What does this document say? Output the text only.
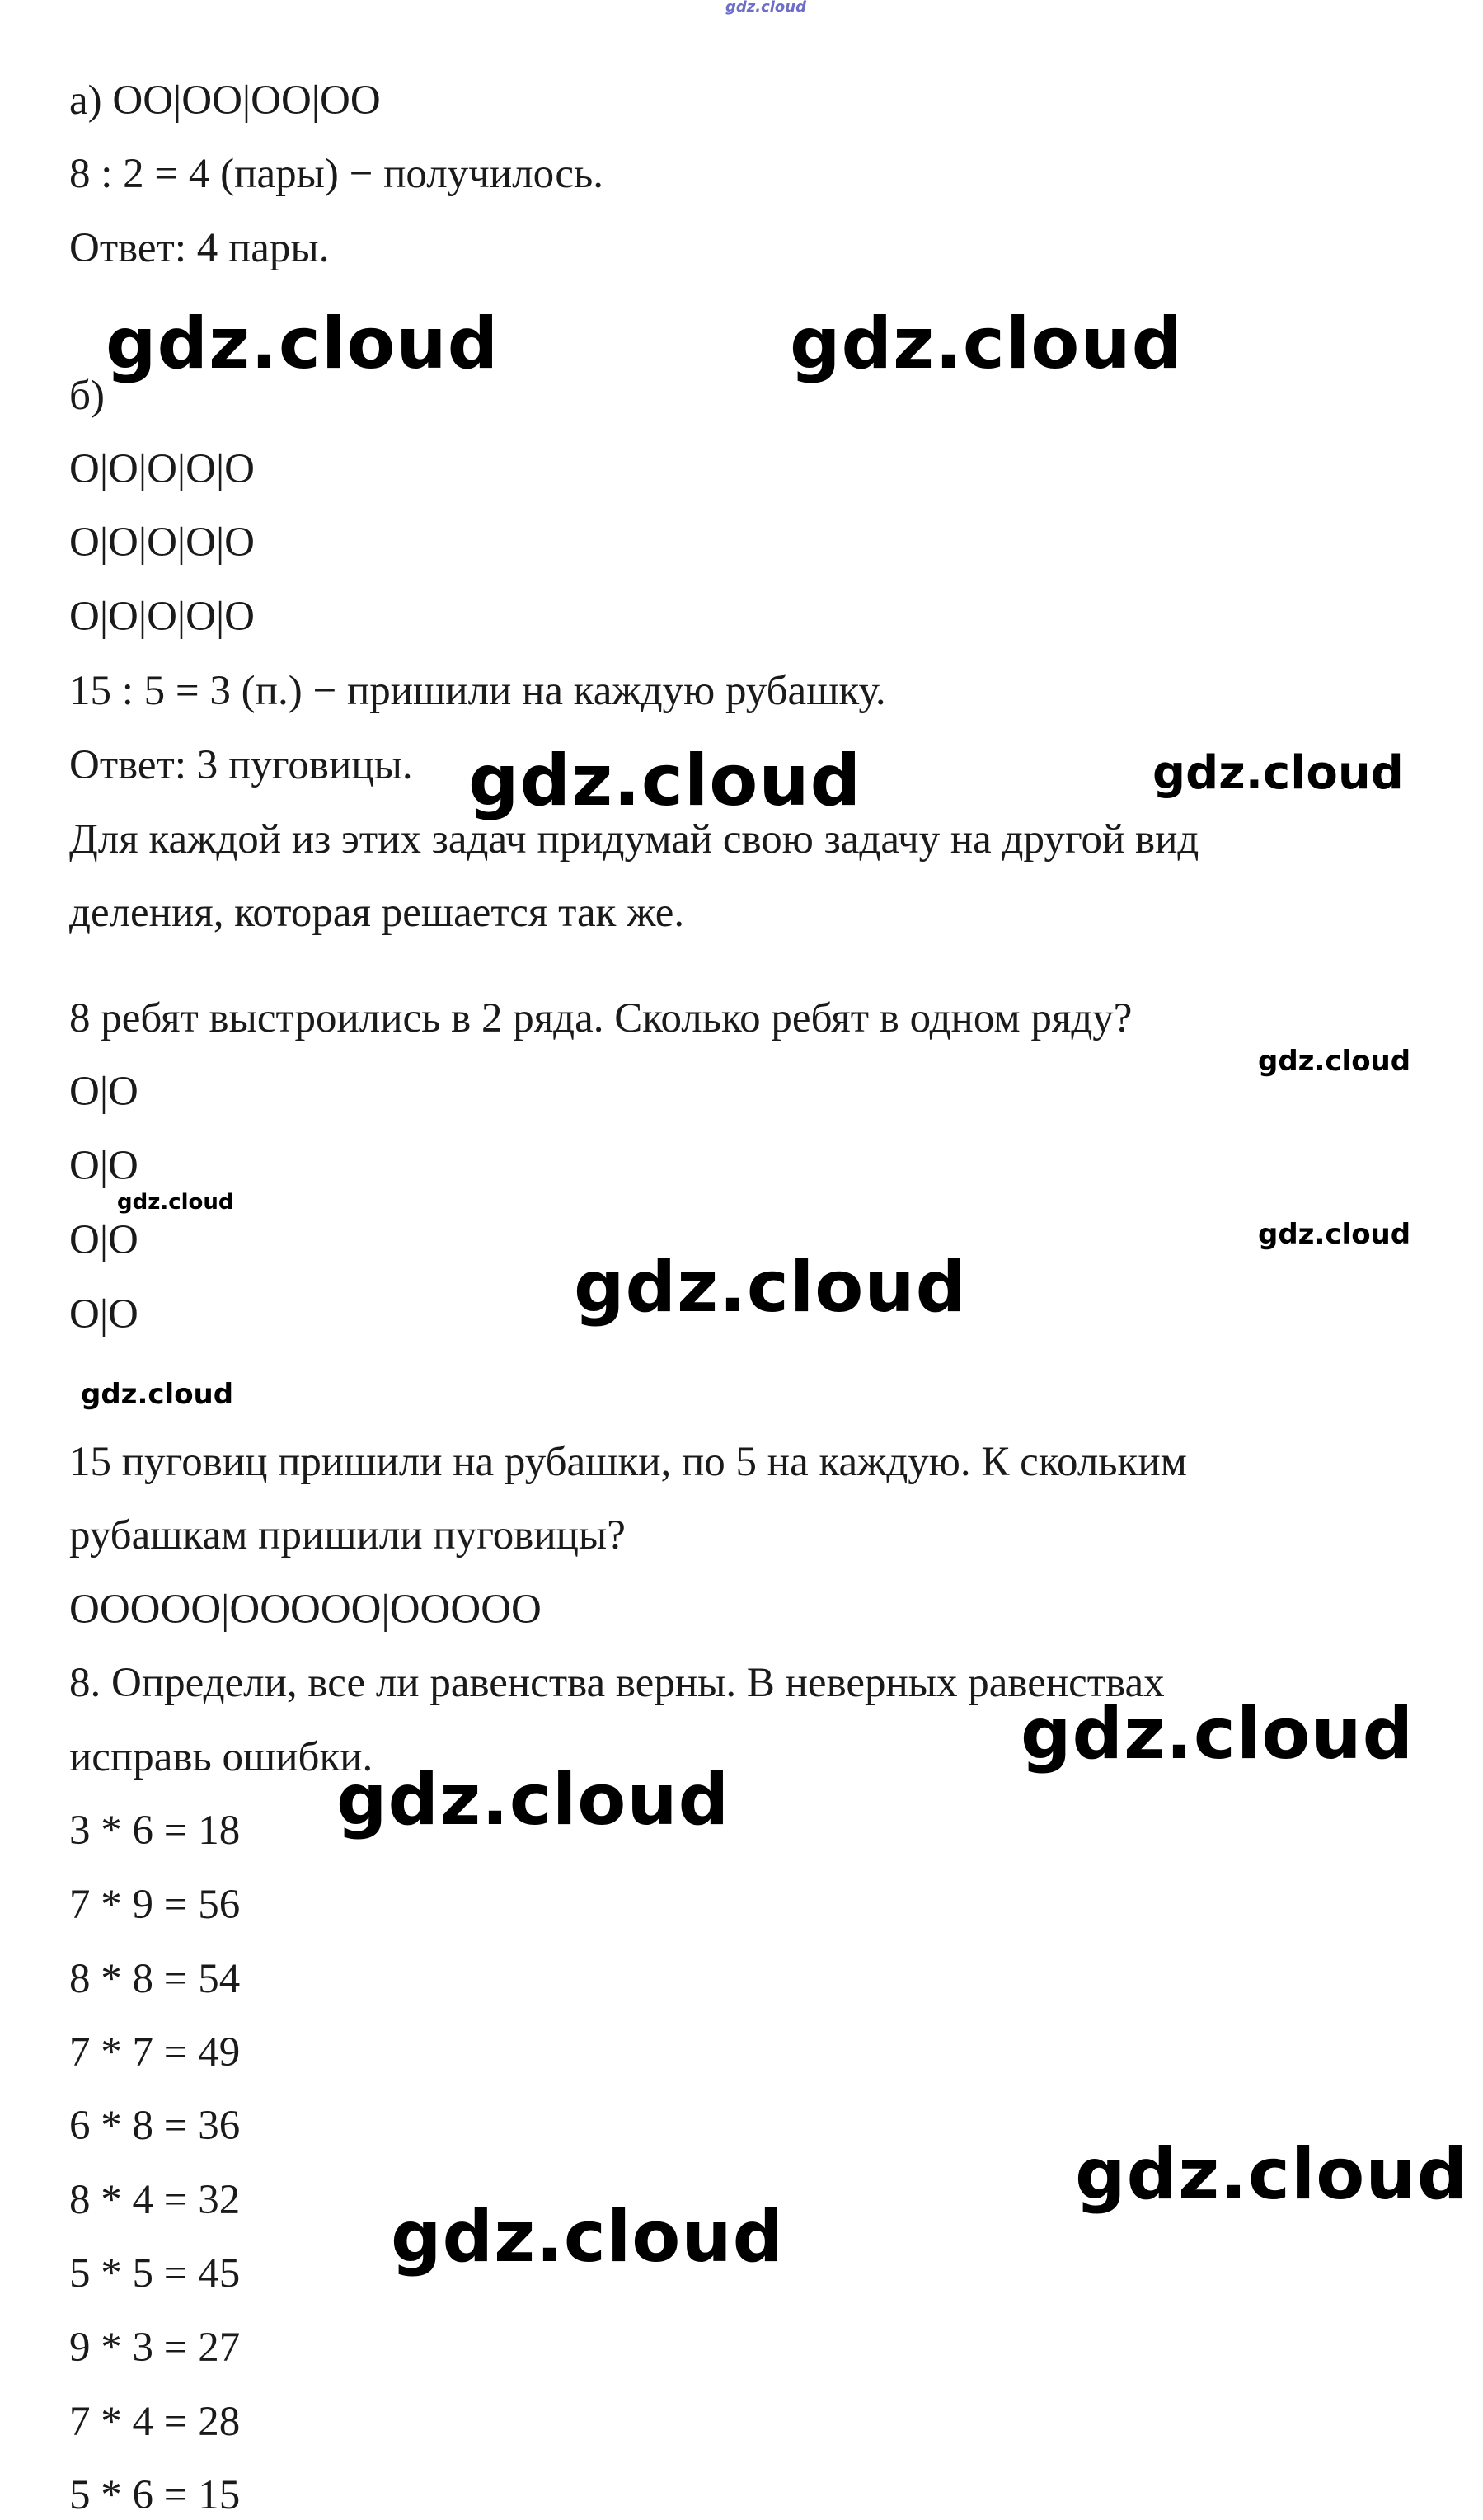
gdz.cloud
а) ОО|ОО|ОО|ОО
8 : 2 = 4 (пары) − получилось.
Ответ: 4 пары.
б)
О|О|О|О|О
О|О|О|О|О
О|О|О|О|О
15 : 5 = 3 (п.) − пришили на каждую рубашку.
Ответ: 3 пуговицы.
Для каждой из этих задач придумай свою задачу на другой вид
деления, которая решается так же.
8 ребят выстроились в 2 ряда. Сколько ребят в одном ряду?
О|О
О|О
О|О
О|О
15 пуговиц пришили на рубашки, по 5 на каждую. К скольким
рубашкам пришили пуговицы?
ООООО|ООООО|ООООО
8. Определи, все ли равенства верны. В неверных равенствах
исправь ошибки.
3 * 6 = 18
7 * 9 = 56
8 * 8 = 54
7 * 7 = 49
6 * 8 = 36
8 * 4 = 32
5 * 5 = 45
9 * 3 = 27
7 * 4 = 28
5 * 6 = 15
gdz.cloud	gdz.cloud
gdz.cloud	gdz.cloud
gdz.cloud
gdz.cloud
gdz.cloud
gdz.cloud
gdz.cloud
gdz.cloud
gdz.cloud
gdz.cloud
gdz.cloud
